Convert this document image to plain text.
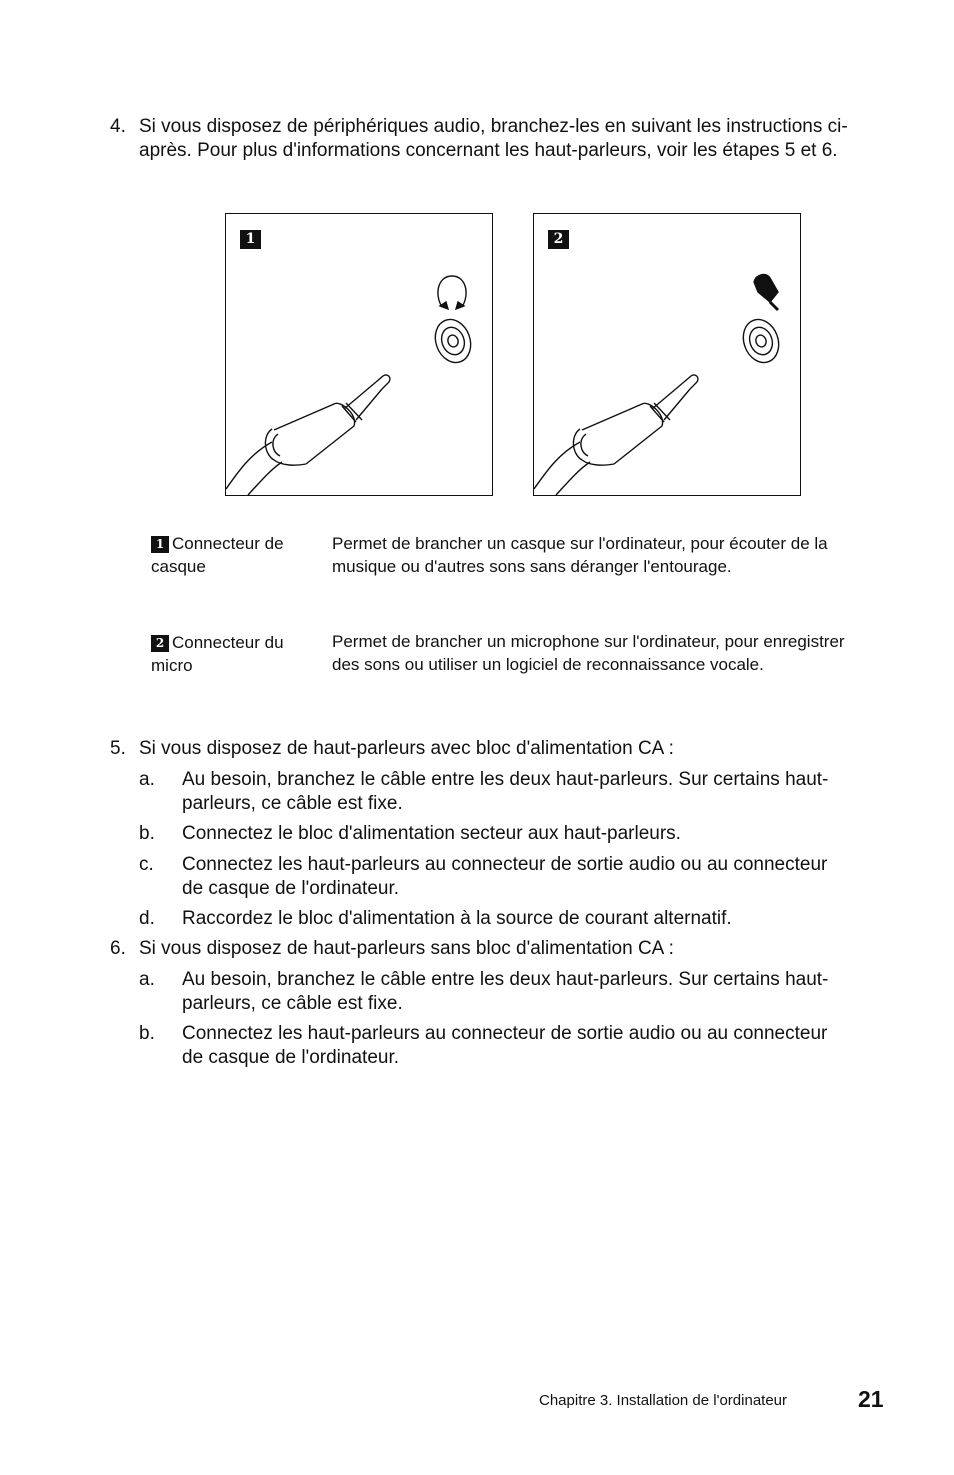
4. Si vous disposez de périphériques audio, branchez-les en suivant les instructions ci-après. Pour plus d'informations concernant les haut-parleurs, voir les étapes 5 et 6.
1	2
1 Connecteur de casque
Permet de brancher un casque sur l'ordinateur, pour écouter de la musique ou d'autres sons sans déranger l'entourage.
2 Connecteur du micro
Permet de brancher un microphone sur l'ordinateur, pour enregistrer des sons ou utiliser un logiciel de reconnaissance vocale.
5. Si vous disposez de haut-parleurs avec bloc d'alimentation CA :
a. Au besoin, branchez le câble entre les deux haut-parleurs. Sur certains haut-parleurs, ce câble est fixe.
b. Connectez le bloc d'alimentation secteur aux haut-parleurs.
c. Connectez les haut-parleurs au connecteur de sortie audio ou au connecteur de casque de l'ordinateur.
d. Raccordez le bloc d'alimentation à la source de courant alternatif.
6. Si vous disposez de haut-parleurs sans bloc d'alimentation CA :
a. Au besoin, branchez le câble entre les deux haut-parleurs. Sur certains haut-parleurs, ce câble est fixe.
b. Connectez les haut-parleurs au connecteur de sortie audio ou au connecteur de casque de l'ordinateur.
Chapitre 3. Installation de l'ordinateur	21
